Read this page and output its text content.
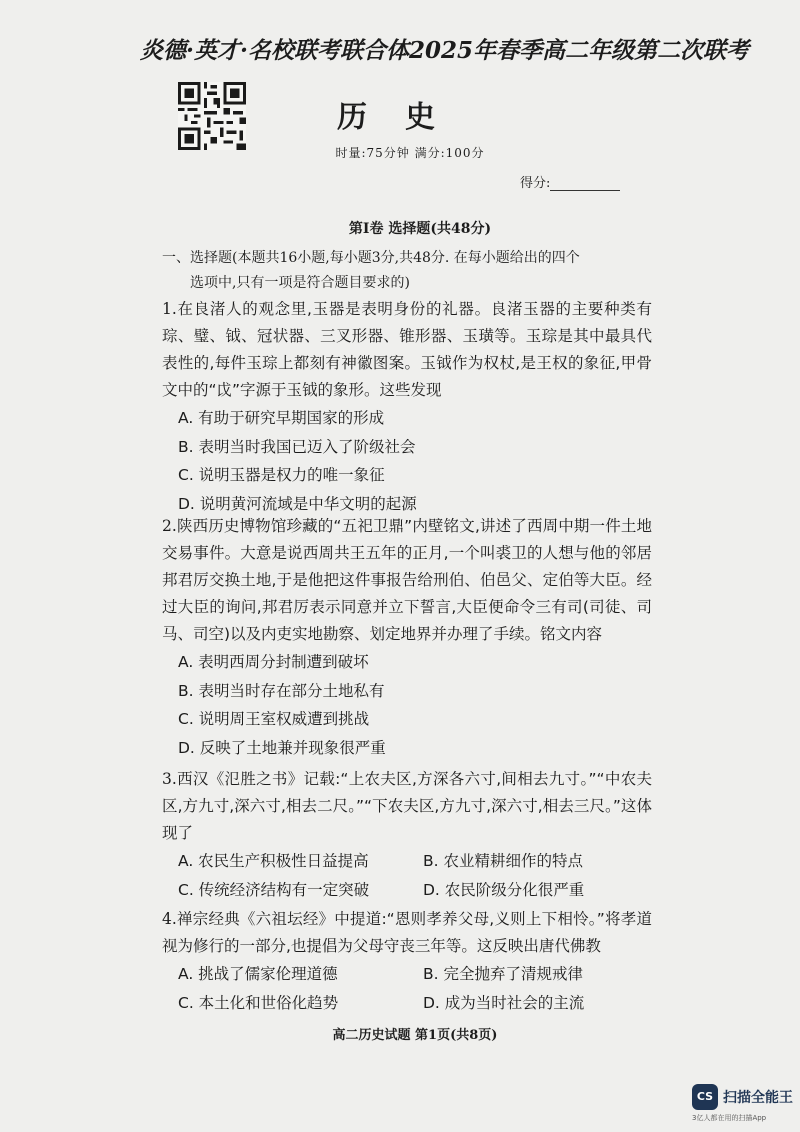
炎德·英才·名校联考联合体2025年春季高二年级第二次联考
历史
时量:75分钟 满分:100分
得分:
第Ⅰ卷 选择题(共48分)
一、选择题(本题共16小题,每小题3分,共48分. 在每小题给出的四个
选项中,只有一项是符合题目要求的)
1.在良渚人的观念里,玉器是表明身份的礼器。良渚玉器的主要种类有琮、璧、钺、冠状器、三叉形器、锥形器、玉璜等。玉琮是其中最具代表性的,每件玉琮上都刻有神徽图案。玉钺作为权杖,是王权的象征,甲骨文中的“戉”字源于玉钺的象形。这些发现
A. 有助于研究早期国家的形成
B. 表明当时我国已迈入了阶级社会
C. 说明玉器是权力的唯一象征
D. 说明黄河流域是中华文明的起源
2.陕西历史博物馆珍藏的“五祀卫鼎”内壁铭文,讲述了西周中期一件土地交易事件。大意是说西周共王五年的正月,一个叫裘卫的人想与他的邻居邦君厉交换土地,于是他把这件事报告给刑伯、伯邑父、定伯等大臣。经过大臣的询问,邦君厉表示同意并立下誓言,大臣便命令三有司(司徒、司马、司空)以及内吏实地勘察、划定地界并办理了手续。铭文内容
A. 表明西周分封制遭到破坏
B. 表明当时存在部分土地私有
C. 说明周王室权威遭到挑战
D. 反映了土地兼并现象很严重
3.西汉《氾胜之书》记载:“上农夫区,方深各六寸,间相去九寸。”“中农夫区,方九寸,深六寸,相去二尺。”“下农夫区,方九寸,深六寸,相去三尺。”这体现了
A. 农民生产积极性日益提高	B. 农业精耕细作的特点
C. 传统经济结构有一定突破	D. 农民阶级分化很严重
4.禅宗经典《六祖坛经》中提道:“恩则孝养父母,义则上下相怜。”将孝道视为修行的一部分,也提倡为父母守丧三年等。这反映出唐代佛教
A. 挑战了儒家伦理道德	B. 完全抛弃了清规戒律
C. 本土化和世俗化趋势	D. 成为当时社会的主流
高二历史试题 第1页(共8页)
CS 扫描全能王
3亿人都在用的扫描App
